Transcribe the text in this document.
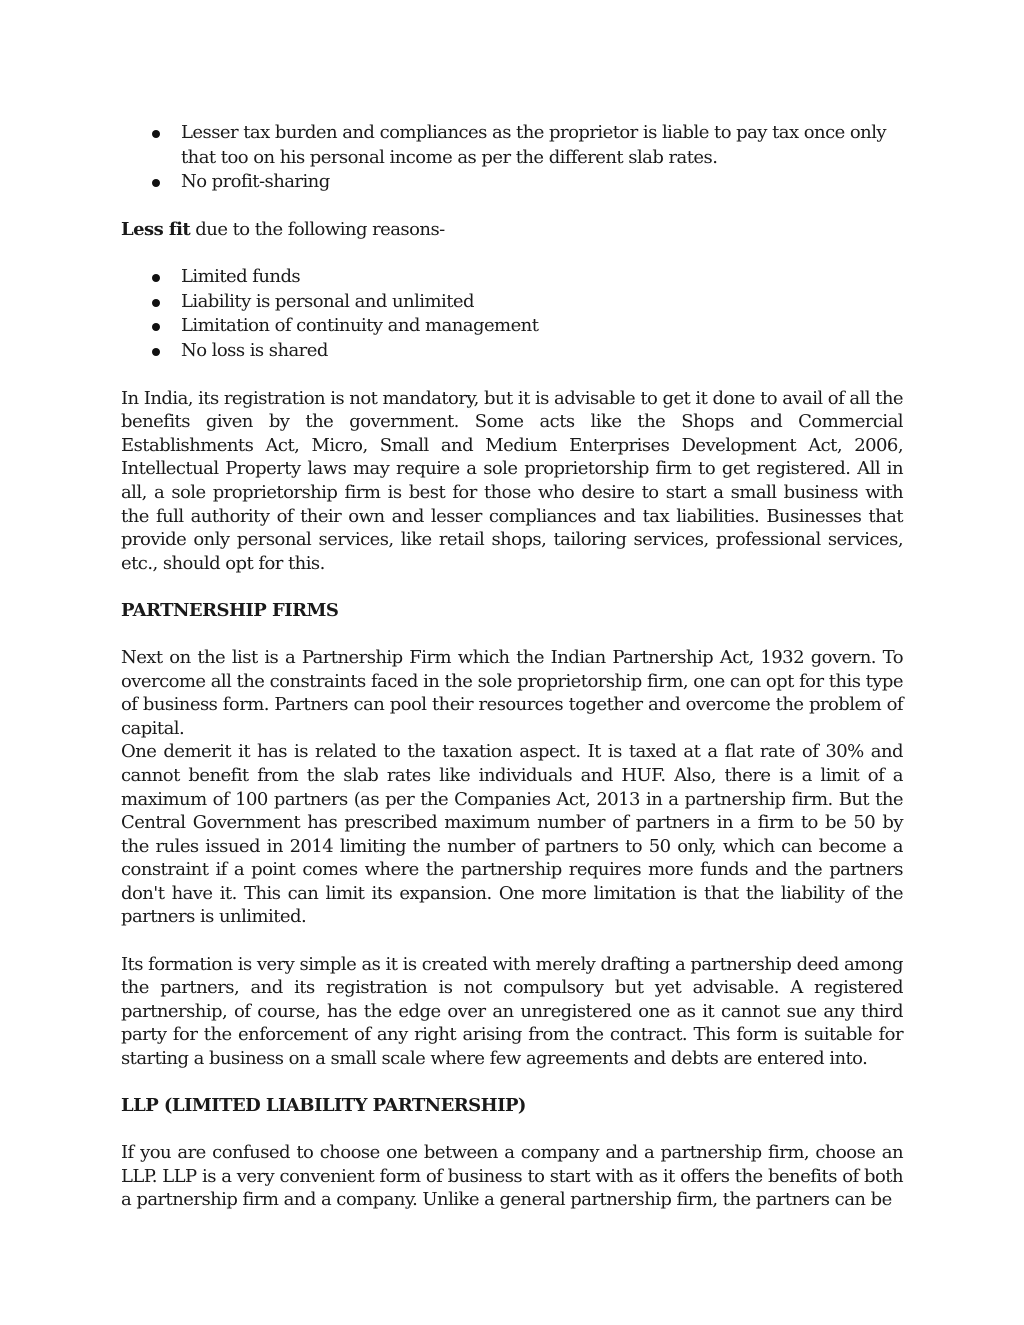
Lesser tax burden and compliances as the proprietor is liable to pay tax once only that too on his personal income as per the different slab rates.
No profit-sharing

Less fit due to the following reasons-

Limited funds
Liability is personal and unlimited
Limitation of continuity and management
No loss is shared

In India, its registration is not mandatory, but it is advisable to get it done to avail of all the benefits given by the government. Some acts like the Shops and Commercial Establishments Act, Micro, Small and Medium Enterprises Development Act, 2006, Intellectual Property laws may require a sole proprietorship firm to get registered. All in all, a sole proprietorship firm is best for those who desire to start a small business with the full authority of their own and lesser compliances and tax liabilities. Businesses that provide only personal services, like retail shops, tailoring services, professional services, etc., should opt for this.

PARTNERSHIP FIRMS

Next on the list is a Partnership Firm which the Indian Partnership Act, 1932 govern. To overcome all the constraints faced in the sole proprietorship firm, one can opt for this type of business form. Partners can pool their resources together and overcome the problem of capital.

One demerit it has is related to the taxation aspect. It is taxed at a flat rate of 30% and cannot benefit from the slab rates like individuals and HUF. Also, there is a limit of a maximum of 100 partners (as per the Companies Act, 2013 in a partnership firm. But the Central Government has prescribed maximum number of partners in a firm to be 50 by the rules issued in 2014 limiting the number of partners to 50 only, which can become a constraint if a point comes where the partnership requires more funds and the partners don't have it. This can limit its expansion. One more limitation is that the liability of the partners is unlimited.

Its formation is very simple as it is created with merely drafting a partnership deed among the partners, and its registration is not compulsory but yet advisable. A registered partnership, of course, has the edge over an unregistered one as it cannot sue any third party for the enforcement of any right arising from the contract. This form is suitable for starting a business on a small scale where few agreements and debts are entered into.

LLP (LIMITED LIABILITY PARTNERSHIP)

If you are confused to choose one between a company and a partnership firm, choose an LLP. LLP is a very convenient form of business to start with as it offers the benefits of both a partnership firm and a company. Unlike a general partnership firm, the partners can be
